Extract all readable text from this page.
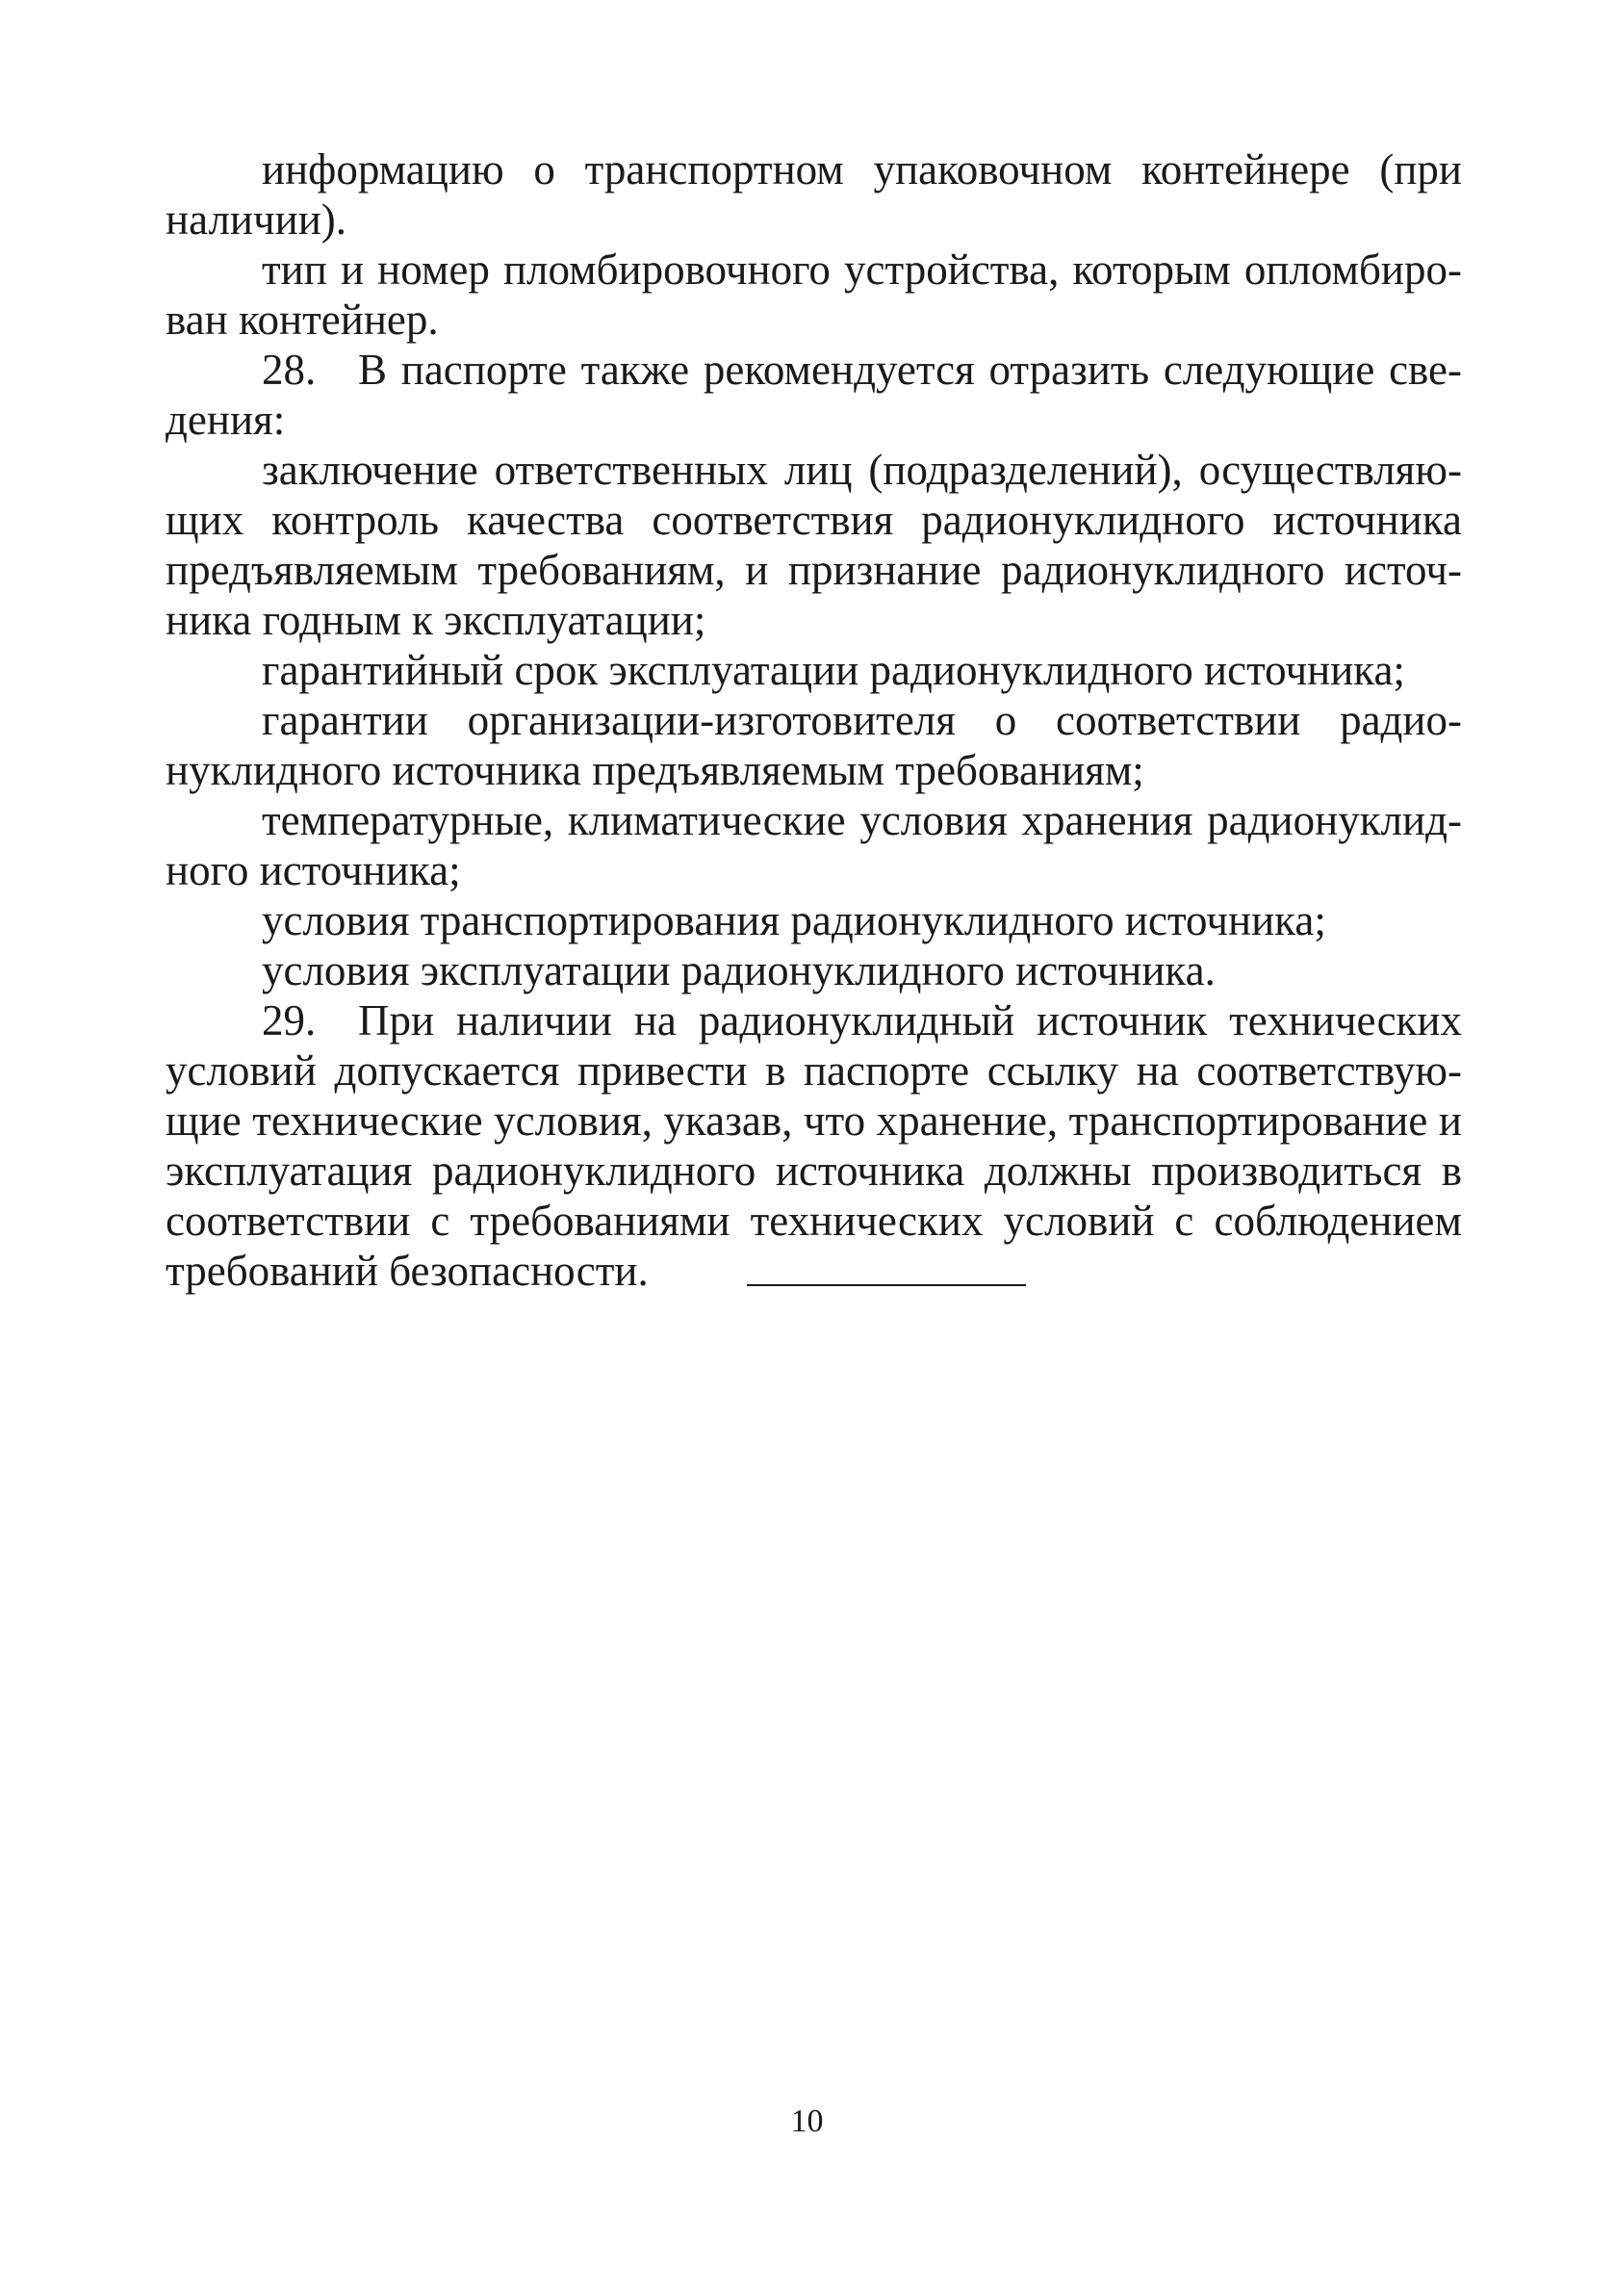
информацию о транспортном упаковочном контейнере (при
наличии).
тип и номер пломбировочного устройства, которым опломбиро-
ван контейнер.
28. В паспорте также рекомендуется отразить следующие све-
дения:
заключение ответственных лиц (подразделений), осуществляю-
щих контроль качества соответствия радионуклидного источника
предъявляемым требованиям, и признание радионуклидного источ-
ника годным к эксплуатации;
гарантийный срок эксплуатации радионуклидного источника;
гарантии организации-изготовителя о соответствии радио-
нуклидного источника предъявляемым требованиям;
температурные, климатические условия хранения радионуклид-
ного источника;
условия транспортирования радионуклидного источника;
условия эксплуатации радионуклидного источника.
29. При наличии на радионуклидный источник технических
условий допускается привести в паспорте ссылку на соответствую-
щие технические условия, указав, что хранение, транспортирование и
эксплуатация радионуклидного источника должны производиться в
соответствии с требованиями технических условий с соблюдением
требований безопасности.
10
